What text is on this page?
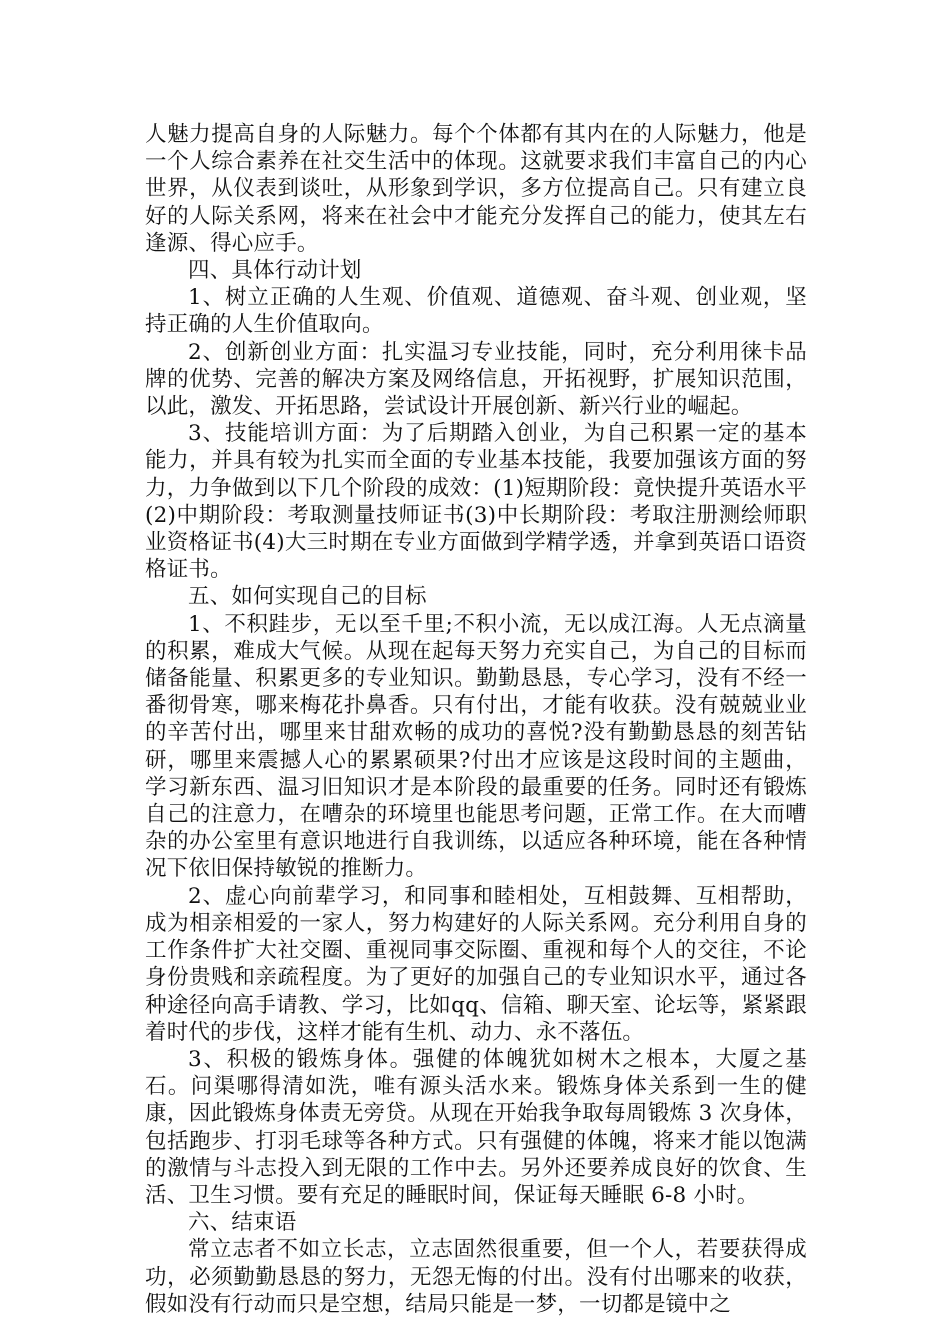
人魅力提高自身的人际魅力。每个个体都有其内在的人际魅力，他是一个人综合素养在社交生活中的体现。这就要求我们丰富自己的内心世界，从仪表到谈吐，从形象到学识，多方位提高自己。只有建立良好的人际关系网，将来在社会中才能充分发挥自己的能力，使其左右逢源、得心应手。

四、具体行动计划

1、树立正确的人生观、价值观、道德观、奋斗观、创业观，坚持正确的人生价值取向。

2、创新创业方面：扎实温习专业技能，同时，充分利用徕卡品牌的优势、完善的解决方案及网络信息，开拓视野，扩展知识范围，以此，激发、开拓思路，尝试设计开展创新、新兴行业的崛起。

3、技能培训方面：为了后期踏入创业，为自己积累一定的基本能力，并具有较为扎实而全面的专业基本技能，我要加强该方面的努力，力争做到以下几个阶段的成效：(1)短期阶段：竟快提升英语水平(2)中期阶段：考取测量技师证书(3)中长期阶段：考取注册测绘师职业资格证书(4)大三时期在专业方面做到学精学透，并拿到英语口语资格证书。

五、如何实现自己的目标

1、不积跬步，无以至千里;不积小流，无以成江海。人无点滴量的积累，难成大气候。从现在起每天努力充实自己，为自己的目标而储备能量、积累更多的专业知识。勤勤恳恳，专心学习，没有不经一番彻骨寒，哪来梅花扑鼻香。只有付出，才能有收获。没有兢兢业业的辛苦付出，哪里来甘甜欢畅的成功的喜悦?没有勤勤恳恳的刻苦钻研，哪里来震撼人心的累累硕果?付出才应该是这段时间的主题曲，学习新东西、温习旧知识才是本阶段的最重要的任务。同时还有锻炼自己的注意力，在嘈杂的环境里也能思考问题，正常工作。在大而嘈杂的办公室里有意识地进行自我训练，以适应各种环境，能在各种情况下依旧保持敏锐的推断力。

2、虚心向前辈学习，和同事和睦相处，互相鼓舞、互相帮助，成为相亲相爱的一家人，努力构建好的人际关系网。充分利用自身的工作条件扩大社交圈、重视同事交际圈、重视和每个人的交往，不论身份贵贱和亲疏程度。为了更好的加强自己的专业知识水平，通过各种途径向高手请教、学习，比如qq、信箱、聊天室、论坛等，紧紧跟着时代的步伐，这样才能有生机、动力、永不落伍。

3、积极的锻炼身体。强健的体魄犹如树木之根本，大厦之基石。问渠哪得清如洗，唯有源头活水来。锻炼身体关系到一生的健康，因此锻炼身体责无旁贷。从现在开始我争取每周锻炼 3 次身体，包括跑步、打羽毛球等各种方式。只有强健的体魄，将来才能以饱满的激情与斗志投入到无限的工作中去。另外还要养成良好的饮食、生活、卫生习惯。要有充足的睡眠时间，保证每天睡眠 6-8 小时。

六、结束语

常立志者不如立长志，立志固然很重要，但一个人，若要获得成功，必须勤勤恳恳的努力，无怨无悔的付出。没有付出哪来的收获，假如没有行动而只是空想，结局只能是一梦，一切都是镜中之
